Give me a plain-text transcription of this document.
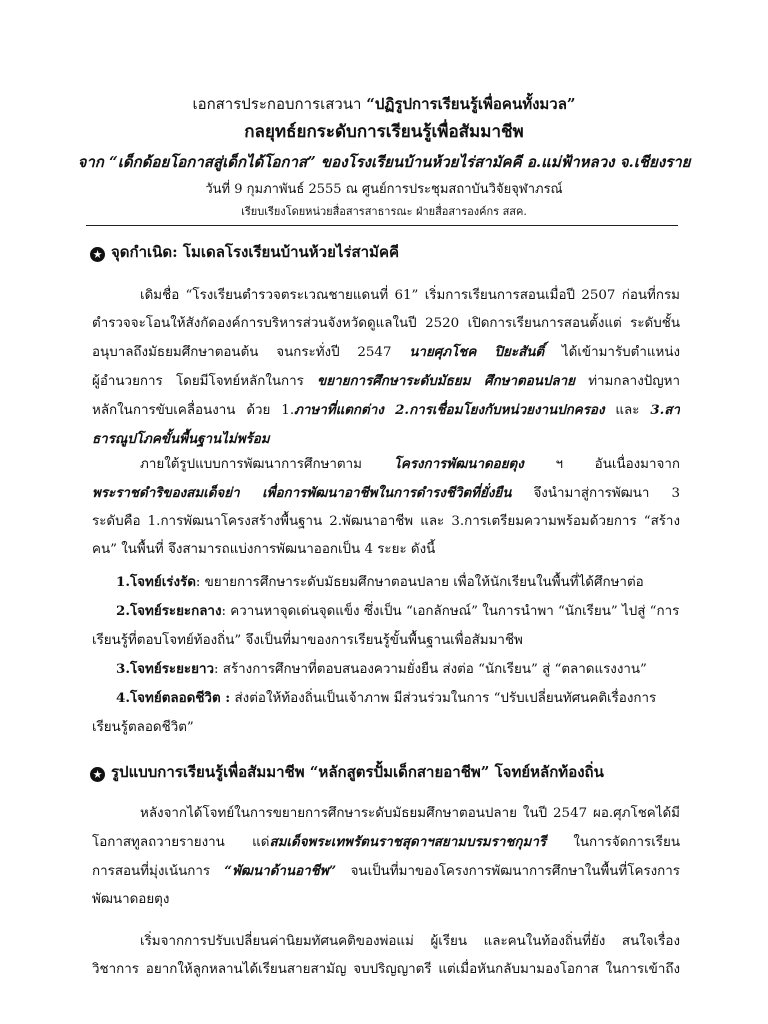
เอกสารประกอบการเสวนา “ปฏิรูปการเรียนรู้เพื่อคนทั้งมวล”
กลยุทธ์ยกระดับการเรียนรู้เพื่อสัมมาชีพ
จาก “เด็กด้อยโอกาสสู่เด็กได้โอกาส” ของโรงเรียนบ้านห้วยไร่สามัคคี อ.แม่ฟ้าหลวง จ.เชียงราย
วันที่ 9 กุมภาพันธ์ 2555 ณ ศูนย์การประชุมสถาบันวิจัยจุฬาภรณ์
เรียบเรียงโดยหน่วยสื่อสารสาธารณะ ฝ่ายสื่อสารองค์กร สสค.
★ จุดกำเนิด: โมเดลโรงเรียนบ้านห้วยไร่สามัคคี
เดิมชื่อ “โรงเรียนตำรวจตระเวณชายแดนที่ 61” เริ่มการเรียนการสอนเมื่อปี 2507 ก่อนที่กรม
ตำรวจจะโอนให้สังกัดองค์การบริหารส่วนจังหวัดดูแลในปี 2520 เปิดการเรียนการสอนตั้งแต่ ระดับชั้น
อนุบาลถึงมัธยมศึกษาตอนต้น จนกระทั่งปี 2547 นายศุภโชค ปิยะสันติ์ ได้เข้ามารับตำแหน่ง
ผู้อำนวยการ โดยมีโจทย์หลักในการ ขยายการศึกษาระดับมัธยม ศึกษาตอนปลาย ท่ามกลางปัญหา
หลักในการขับเคลื่อนงาน ด้วย 1.ภาษาที่แตกต่าง 2.การเชื่อมโยงกับหน่วยงานปกครอง และ 3.สา
ธารณูปโภคขั้นพื้นฐานไม่พร้อม
ภายใต้รูปแบบการพัฒนาการศึกษาตาม โครงการพัฒนาดอยตุง ฯ อันเนื่องมาจาก
พระราชดำริของสมเด็จย่า เพื่อการพัฒนาอาชีพในการดำรงชีวิตที่ยั่งยืน จึงนำมาสู่การพัฒนา 3
ระดับคือ 1.การพัฒนาโครงสร้างพื้นฐาน 2.พัฒนาอาชีพ และ 3.การเตรียมความพร้อมด้วยการ “สร้าง
คน” ในพื้นที่ จึงสามารถแบ่งการพัฒนาออกเป็น 4 ระยะ ดังนี้
1.โจทย์เร่งรัด: ขยายการศึกษาระดับมัธยมศึกษาตอนปลาย เพื่อให้นักเรียนในพื้นที่ได้ศึกษาต่อ
2.โจทย์ระยะกลาง: ควานหาจุดเด่นจุดแข็ง ซึ่งเป็น “เอกลักษณ์” ในการนำพา “นักเรียน” ไปสู่ “การ
เรียนรู้ที่ตอบโจทย์ท้องถิ่น” จึงเป็นที่มาของการเรียนรู้ขั้นพื้นฐานเพื่อสัมมาชีพ
3.โจทย์ระยะยาว: สร้างการศึกษาที่ตอบสนองความยั่งยืน ส่งต่อ “นักเรียน” สู่ “ตลาดแรงงาน”
4.โจทย์ตลอดชีวิต : ส่งต่อให้ท้องถิ่นเป็นเจ้าภาพ มีส่วนร่วมในการ “ปรับเปลี่ยนทัศนคติเรื่องการ
เรียนรู้ตลอดชีวิต”
★ รูปแบบการเรียนรู้เพื่อสัมมาชีพ “หลักสูตรปั้มเด็กสายอาชีพ” โจทย์หลักท้องถิ่น
หลังจากได้โจทย์ในการขยายการศึกษาระดับมัธยมศึกษาตอนปลาย ในปี 2547 ผอ.ศุภโชคได้มี
โอกาสทูลถวายรายงาน แด่สมเด็จพระเทพรัตนราชสุดาฯสยามบรมราชกุมารี ในการจัดการเรียน
การสอนที่มุ่งเน้นการ “พัฒนาด้านอาชีพ” จนเป็นที่มาของโครงการพัฒนาการศึกษาในพื้นที่โครงการ
พัฒนาดอยตุง
เริ่มจากการปรับเปลี่ยนค่านิยมทัศนคติของพ่อแม่ ผู้เรียน และคนในท้องถิ่นที่ยัง สนใจเรื่อง
วิชาการ อยากให้ลูกหลานได้เรียนสายสามัญ จบปริญญาตรี แต่เมื่อหันกลับมามองโอกาส ในการเข้าถึง
